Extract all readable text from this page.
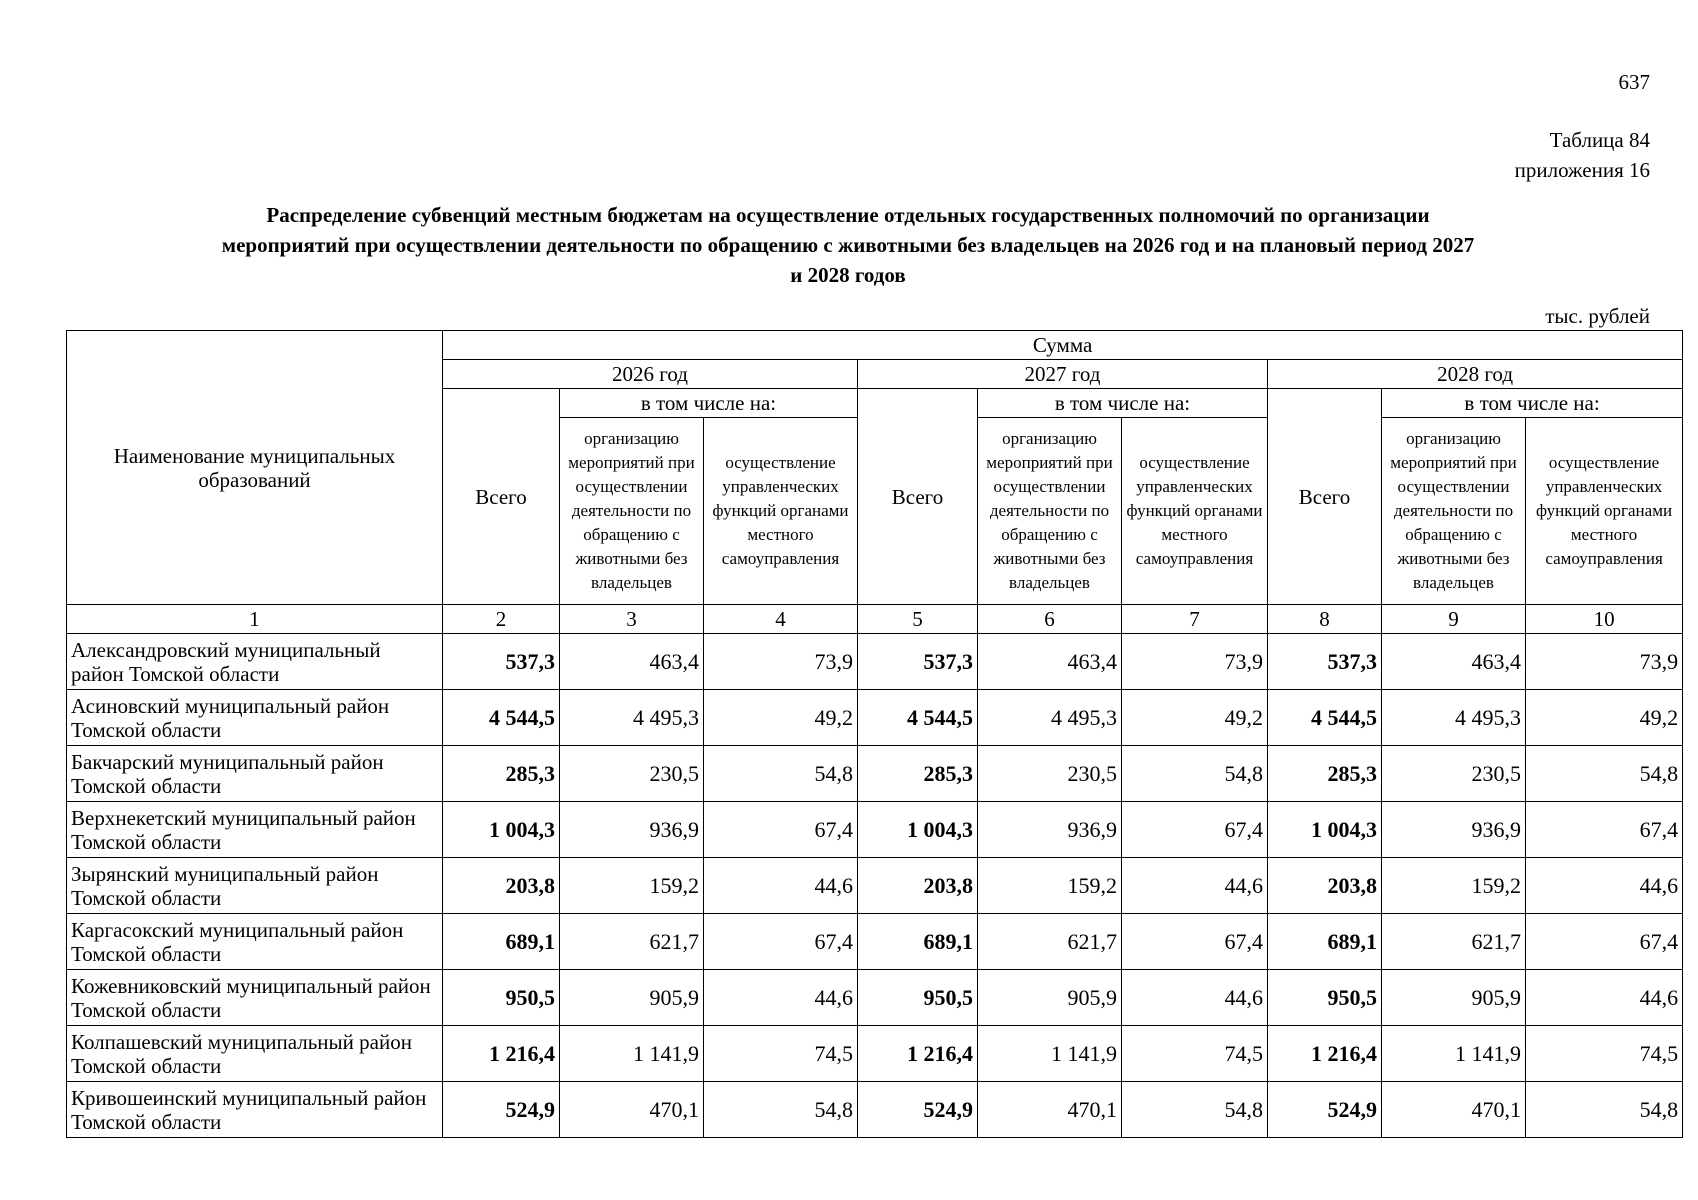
637
Таблица 84
приложения 16
Распределение субвенций местным бюджетам на осуществление отдельных государственных полномочий по организации
мероприятий при осуществлении деятельности по обращению с животными без владельцев на 2026 год и на плановый период 2027
и 2028 годов
тыс. рублей
Наименование муниципальных образований	Сумма								
	2026 год			2027 год			2028 год		
	Всего	в том числе на:		Всего	в том числе на:		Всего	в том числе на:	
		организацию мероприятий при осуществлении деятельности по обращению с животными без владельцев	осуществление управленческих функций органами местного самоуправления		организацию мероприятий при осуществлении деятельности по обращению с животными без владельцев	осуществление управленческих функций органами местного самоуправления		организацию мероприятий при осуществлении деятельности по обращению с животными без владельцев	осуществление управленческих функций органами местного самоуправления
1	2	3	4	5	6	7	8	9	10
Александровский муниципальный район Томской области	537,3	463,4	73,9	537,3	463,4	73,9	537,3	463,4	73,9
Асиновский муниципальный район Томской области	4 544,5	4 495,3	49,2	4 544,5	4 495,3	49,2	4 544,5	4 495,3	49,2
Бакчарский муниципальный район Томской области	285,3	230,5	54,8	285,3	230,5	54,8	285,3	230,5	54,8
Верхнекетский муниципальный район Томской области	1 004,3	936,9	67,4	1 004,3	936,9	67,4	1 004,3	936,9	67,4
Зырянский муниципальный район Томской области	203,8	159,2	44,6	203,8	159,2	44,6	203,8	159,2	44,6
Каргасокский муниципальный район Томской области	689,1	621,7	67,4	689,1	621,7	67,4	689,1	621,7	67,4
Кожевниковский муниципальный район Томской области	950,5	905,9	44,6	950,5	905,9	44,6	950,5	905,9	44,6
Колпашевский муниципальный район Томской области	1 216,4	1 141,9	74,5	1 216,4	1 141,9	74,5	1 216,4	1 141,9	74,5
Кривошеинский муниципальный район Томской области	524,9	470,1	54,8	524,9	470,1	54,8	524,9	470,1	54,8
